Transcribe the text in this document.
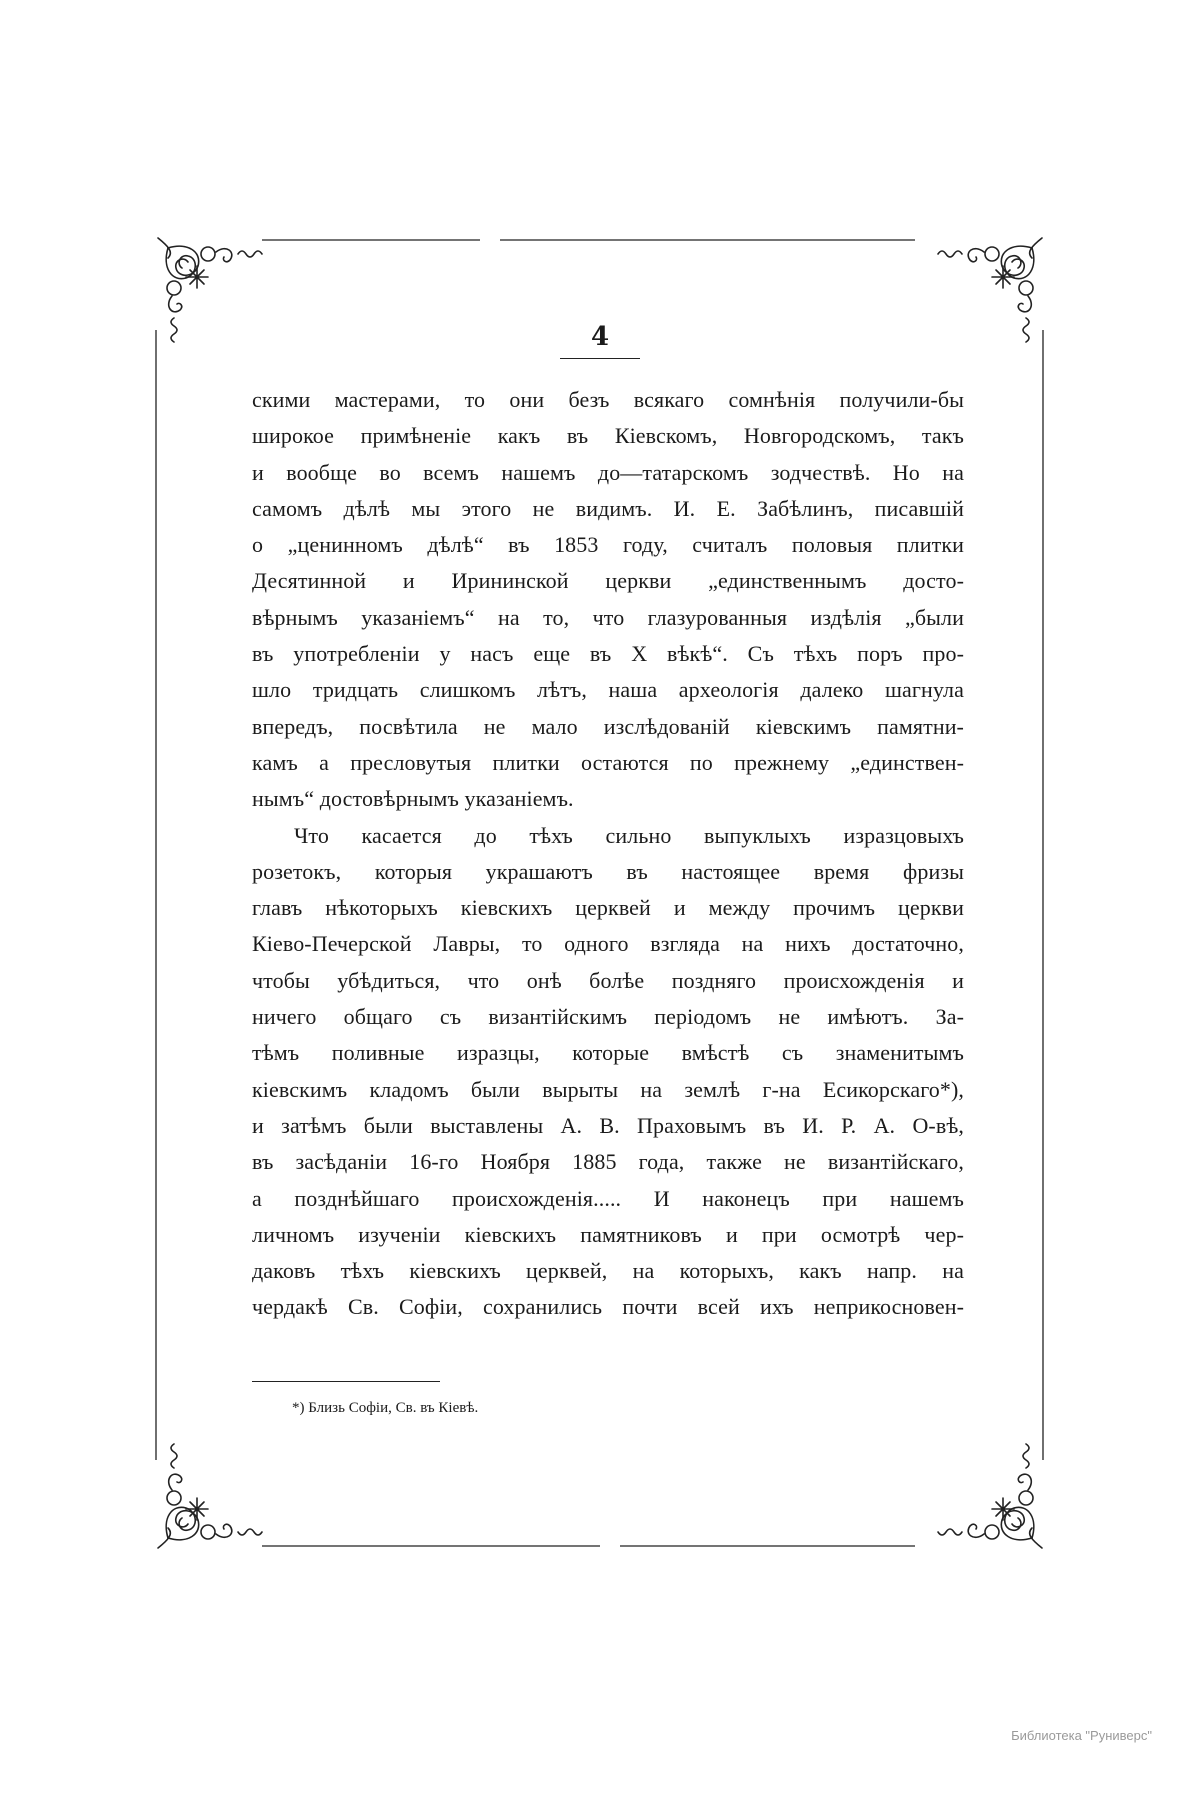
4
скими мастерами, то они безъ всякаго сомнѣнія получили-бы
широкое примѣненіе какъ въ Кіевскомъ, Новгородскомъ, такъ
и вообще во всемъ нашемъ до—татарскомъ зодчествѣ. Но на
самомъ дѣлѣ мы этого не видимъ. И. Е. Забѣлинъ, писавшій
о „ценинномъ дѣлѣ“ въ 1853 году, считалъ половыя плитки
Десятинной и Ирининской церкви „единственнымъ досто-
вѣрнымъ указаніемъ“ на то, что глазурованныя издѣлія „были
въ употребленіи у насъ еще въ X вѣкѣ“. Съ тѣхъ поръ про-
шло тридцать слишкомъ лѣтъ, наша археологія далеко шагнула
впередъ, посвѣтила не мало изслѣдованій кіевскимъ памятни-
камъ а пресловутыя плитки остаются по прежнему „единствен-
нымъ“ достовѣрнымъ указаніемъ.
Что касается до тѣхъ сильно выпуклыхъ изразцовыхъ
розетокъ, которыя украшаютъ въ настоящее время фризы
главъ нѣкоторыхъ кіевскихъ церквей и между прочимъ церкви
Кіево-Печерской Лавры, то одного взгляда на нихъ достаточно,
чтобы убѣдиться, что онѣ болѣе поздняго происхожденія и
ничего общаго съ византійскимъ періодомъ не имѣютъ. За-
тѣмъ поливные изразцы, которые вмѣстѣ съ знаменитымъ
кіевскимъ кладомъ были вырыты на землѣ г-на Есикорскаго*),
и затѣмъ были выставлены А. В. Праховымъ въ И. Р. А. О-вѣ,
въ засѣданіи 16-го Ноября 1885 года, также не византійскаго,
а позднѣйшаго происхожденія..... И наконецъ при нашемъ
личномъ изученіи кіевскихъ памятниковъ и при осмотрѣ чер-
даковъ тѣхъ кіевскихъ церквей, на которыхъ, какъ напр. на
чердакѣ Св. Софіи, сохранились почти всей ихъ неприкосновен-
*) Близь Софіи, Св. въ Кіевѣ.
Библиотека "Руниверс"
